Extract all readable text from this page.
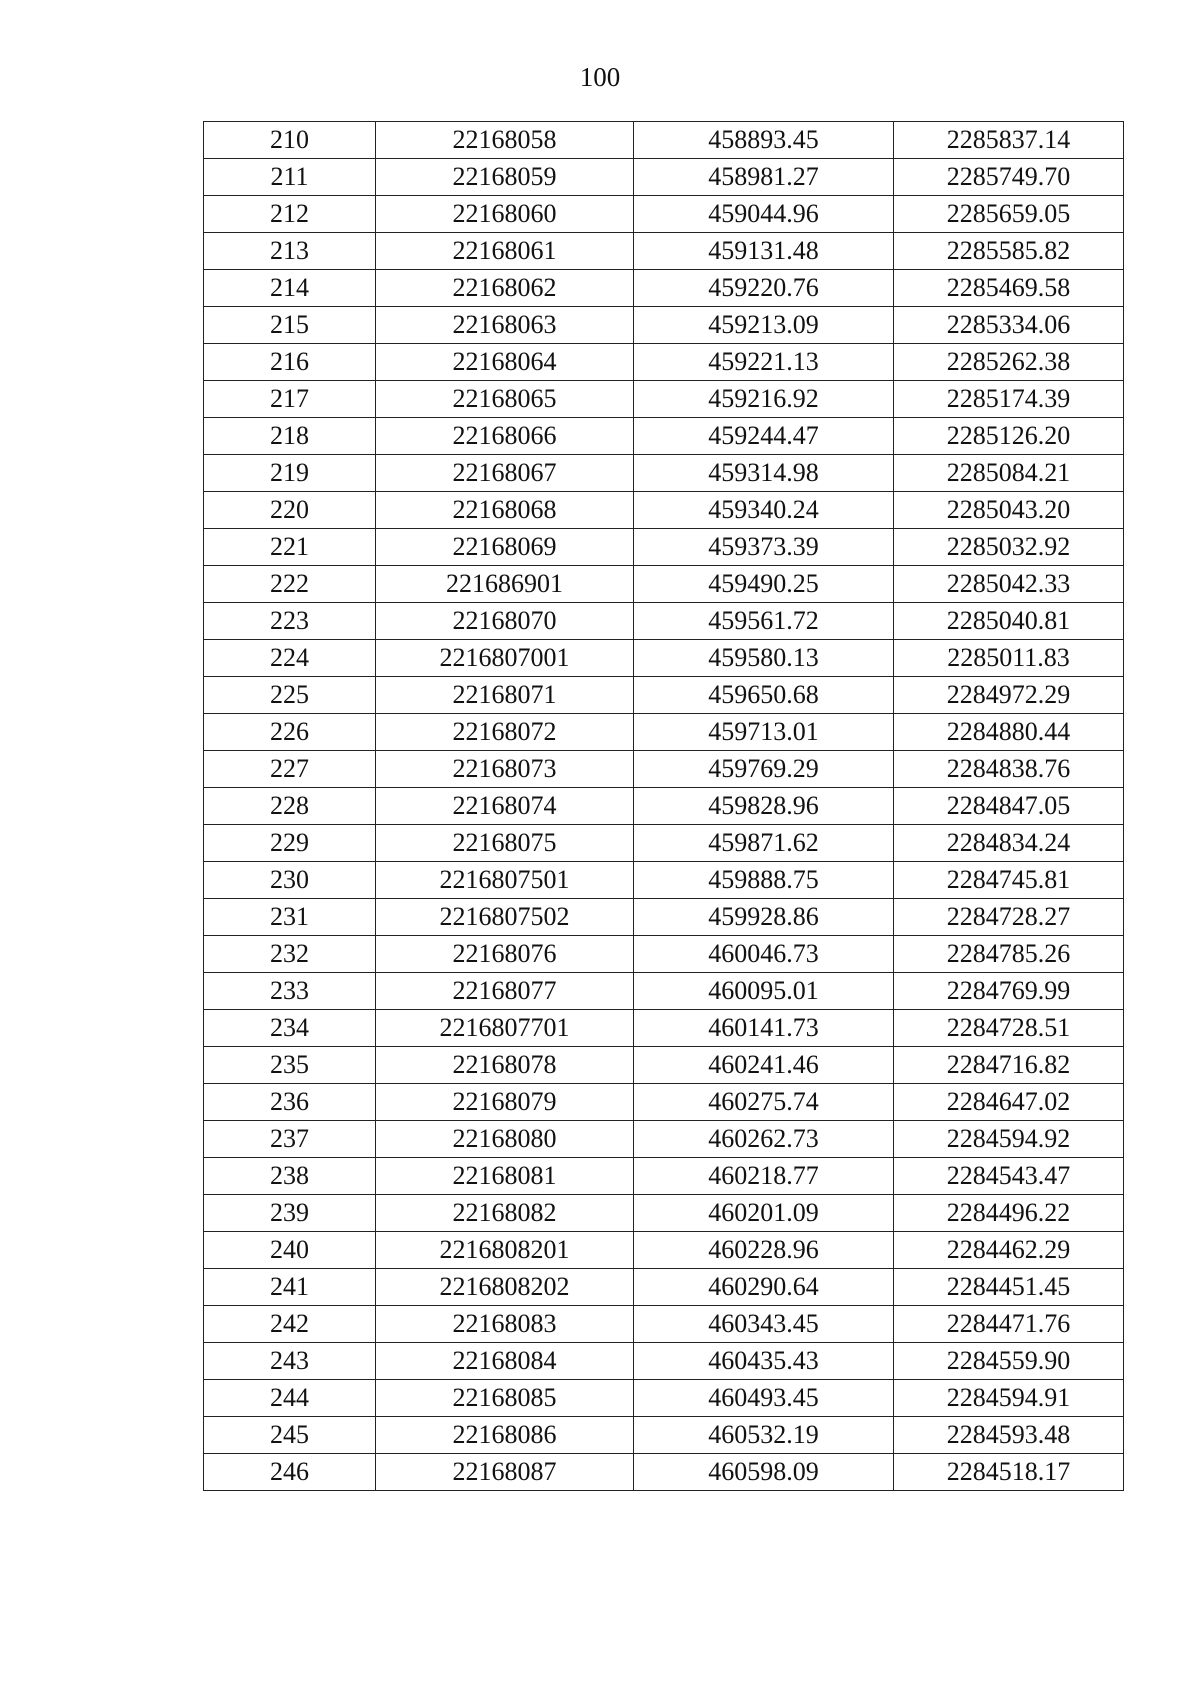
100
210	22168058	458893.45	2285837.14
211	22168059	458981.27	2285749.70
212	22168060	459044.96	2285659.05
213	22168061	459131.48	2285585.82
214	22168062	459220.76	2285469.58
215	22168063	459213.09	2285334.06
216	22168064	459221.13	2285262.38
217	22168065	459216.92	2285174.39
218	22168066	459244.47	2285126.20
219	22168067	459314.98	2285084.21
220	22168068	459340.24	2285043.20
221	22168069	459373.39	2285032.92
222	221686901	459490.25	2285042.33
223	22168070	459561.72	2285040.81
224	2216807001	459580.13	2285011.83
225	22168071	459650.68	2284972.29
226	22168072	459713.01	2284880.44
227	22168073	459769.29	2284838.76
228	22168074	459828.96	2284847.05
229	22168075	459871.62	2284834.24
230	2216807501	459888.75	2284745.81
231	2216807502	459928.86	2284728.27
232	22168076	460046.73	2284785.26
233	22168077	460095.01	2284769.99
234	2216807701	460141.73	2284728.51
235	22168078	460241.46	2284716.82
236	22168079	460275.74	2284647.02
237	22168080	460262.73	2284594.92
238	22168081	460218.77	2284543.47
239	22168082	460201.09	2284496.22
240	2216808201	460228.96	2284462.29
241	2216808202	460290.64	2284451.45
242	22168083	460343.45	2284471.76
243	22168084	460435.43	2284559.90
244	22168085	460493.45	2284594.91
245	22168086	460532.19	2284593.48
246	22168087	460598.09	2284518.17
